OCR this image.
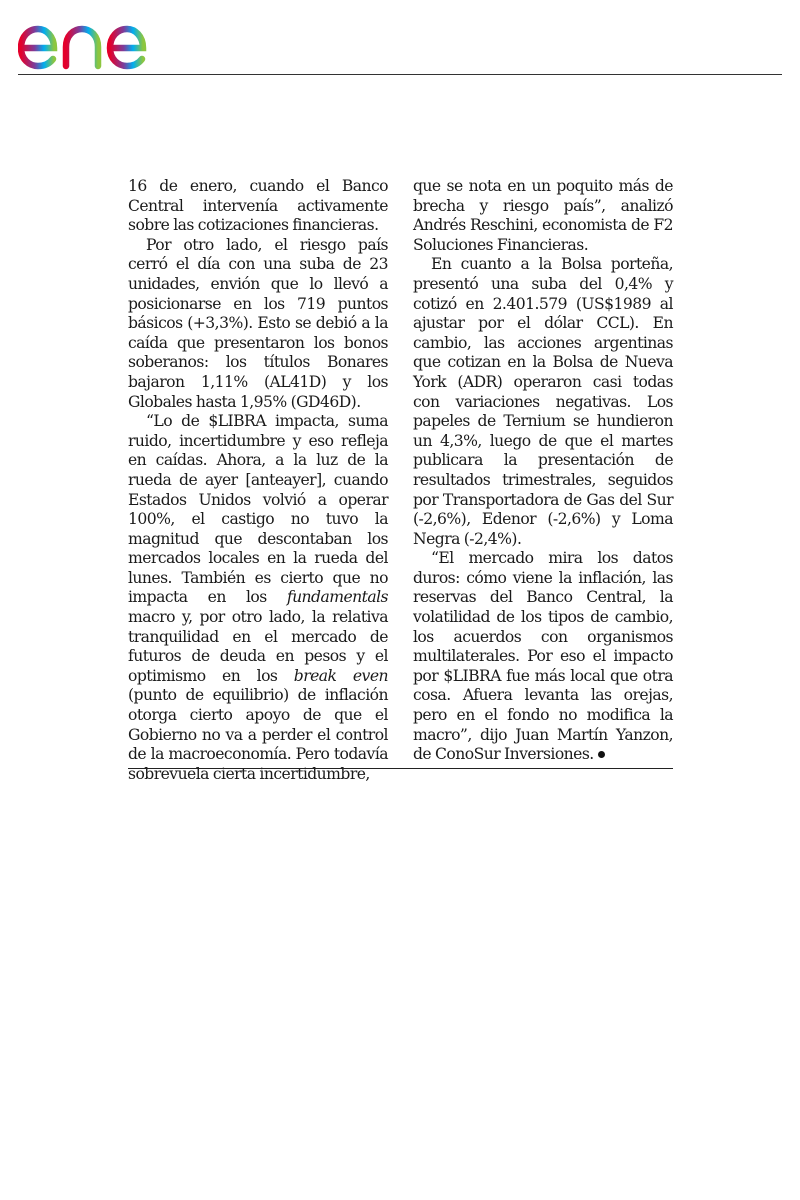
16 de enero, cuando el Banco Central intervenía activamente sobre las cotizaciones financieras.

Por otro lado, el riesgo país cerró el día con una suba de 23 unidades, envión que lo llevó a posicionarse en los 719 puntos básicos (+3,3%). Esto se debió a la caída que presentaron los bonos soberanos: los títulos Bonares bajaron 1,11% (AL41D) y los Globales hasta 1,95% (GD46D).

“Lo de $LIBRA impacta, suma ruido, incertidumbre y eso refleja en caídas. Ahora, a la luz de la rueda de ayer [anteayer], cuando Estados Unidos volvió a operar 100%, el castigo no tuvo la magnitud que descontaban los mercados locales en la rueda del lunes. También es cierto que no impacta en los fundamentals macro y, por otro lado, la relativa tranquilidad en el mercado de futuros de deuda en pesos y el optimismo en los break even (punto de equilibrio) de inflación otorga cierto apoyo de que el Gobierno no va a perder el control de la macroeconomía. Pero todavía sobrevuela cierta incertidumbre,

que se nota en un poquito más de brecha y riesgo país”, analizó Andrés Reschini, economista de F2 Soluciones Financieras.

En cuanto a la Bolsa porteña, presentó una suba del 0,4% y cotizó en 2.401.579 (US$1989 al ajustar por el dólar CCL). En cambio, las acciones argentinas que cotizan en la Bolsa de Nueva York (ADR) operaron casi todas con variaciones negativas. Los papeles de Ternium se hundieron un 4,3%, luego de que el martes publicara la presentación de resultados trimestrales, seguidos por Transportadora de Gas del Sur (-2,6%), Edenor (-2,6%) y Loma Negra (-2,4%).

“El mercado mira los datos duros: cómo viene la inflación, las reservas del Banco Central, la volatilidad de los tipos de cambio, los acuerdos con organismos multilaterales. Por eso el impacto por $LIBRA fue más local que otra cosa. Afuera levanta las orejas, pero en el fondo no modifica la macro”, dijo Juan Martín Yanzon, de ConoSur Inversiones.
